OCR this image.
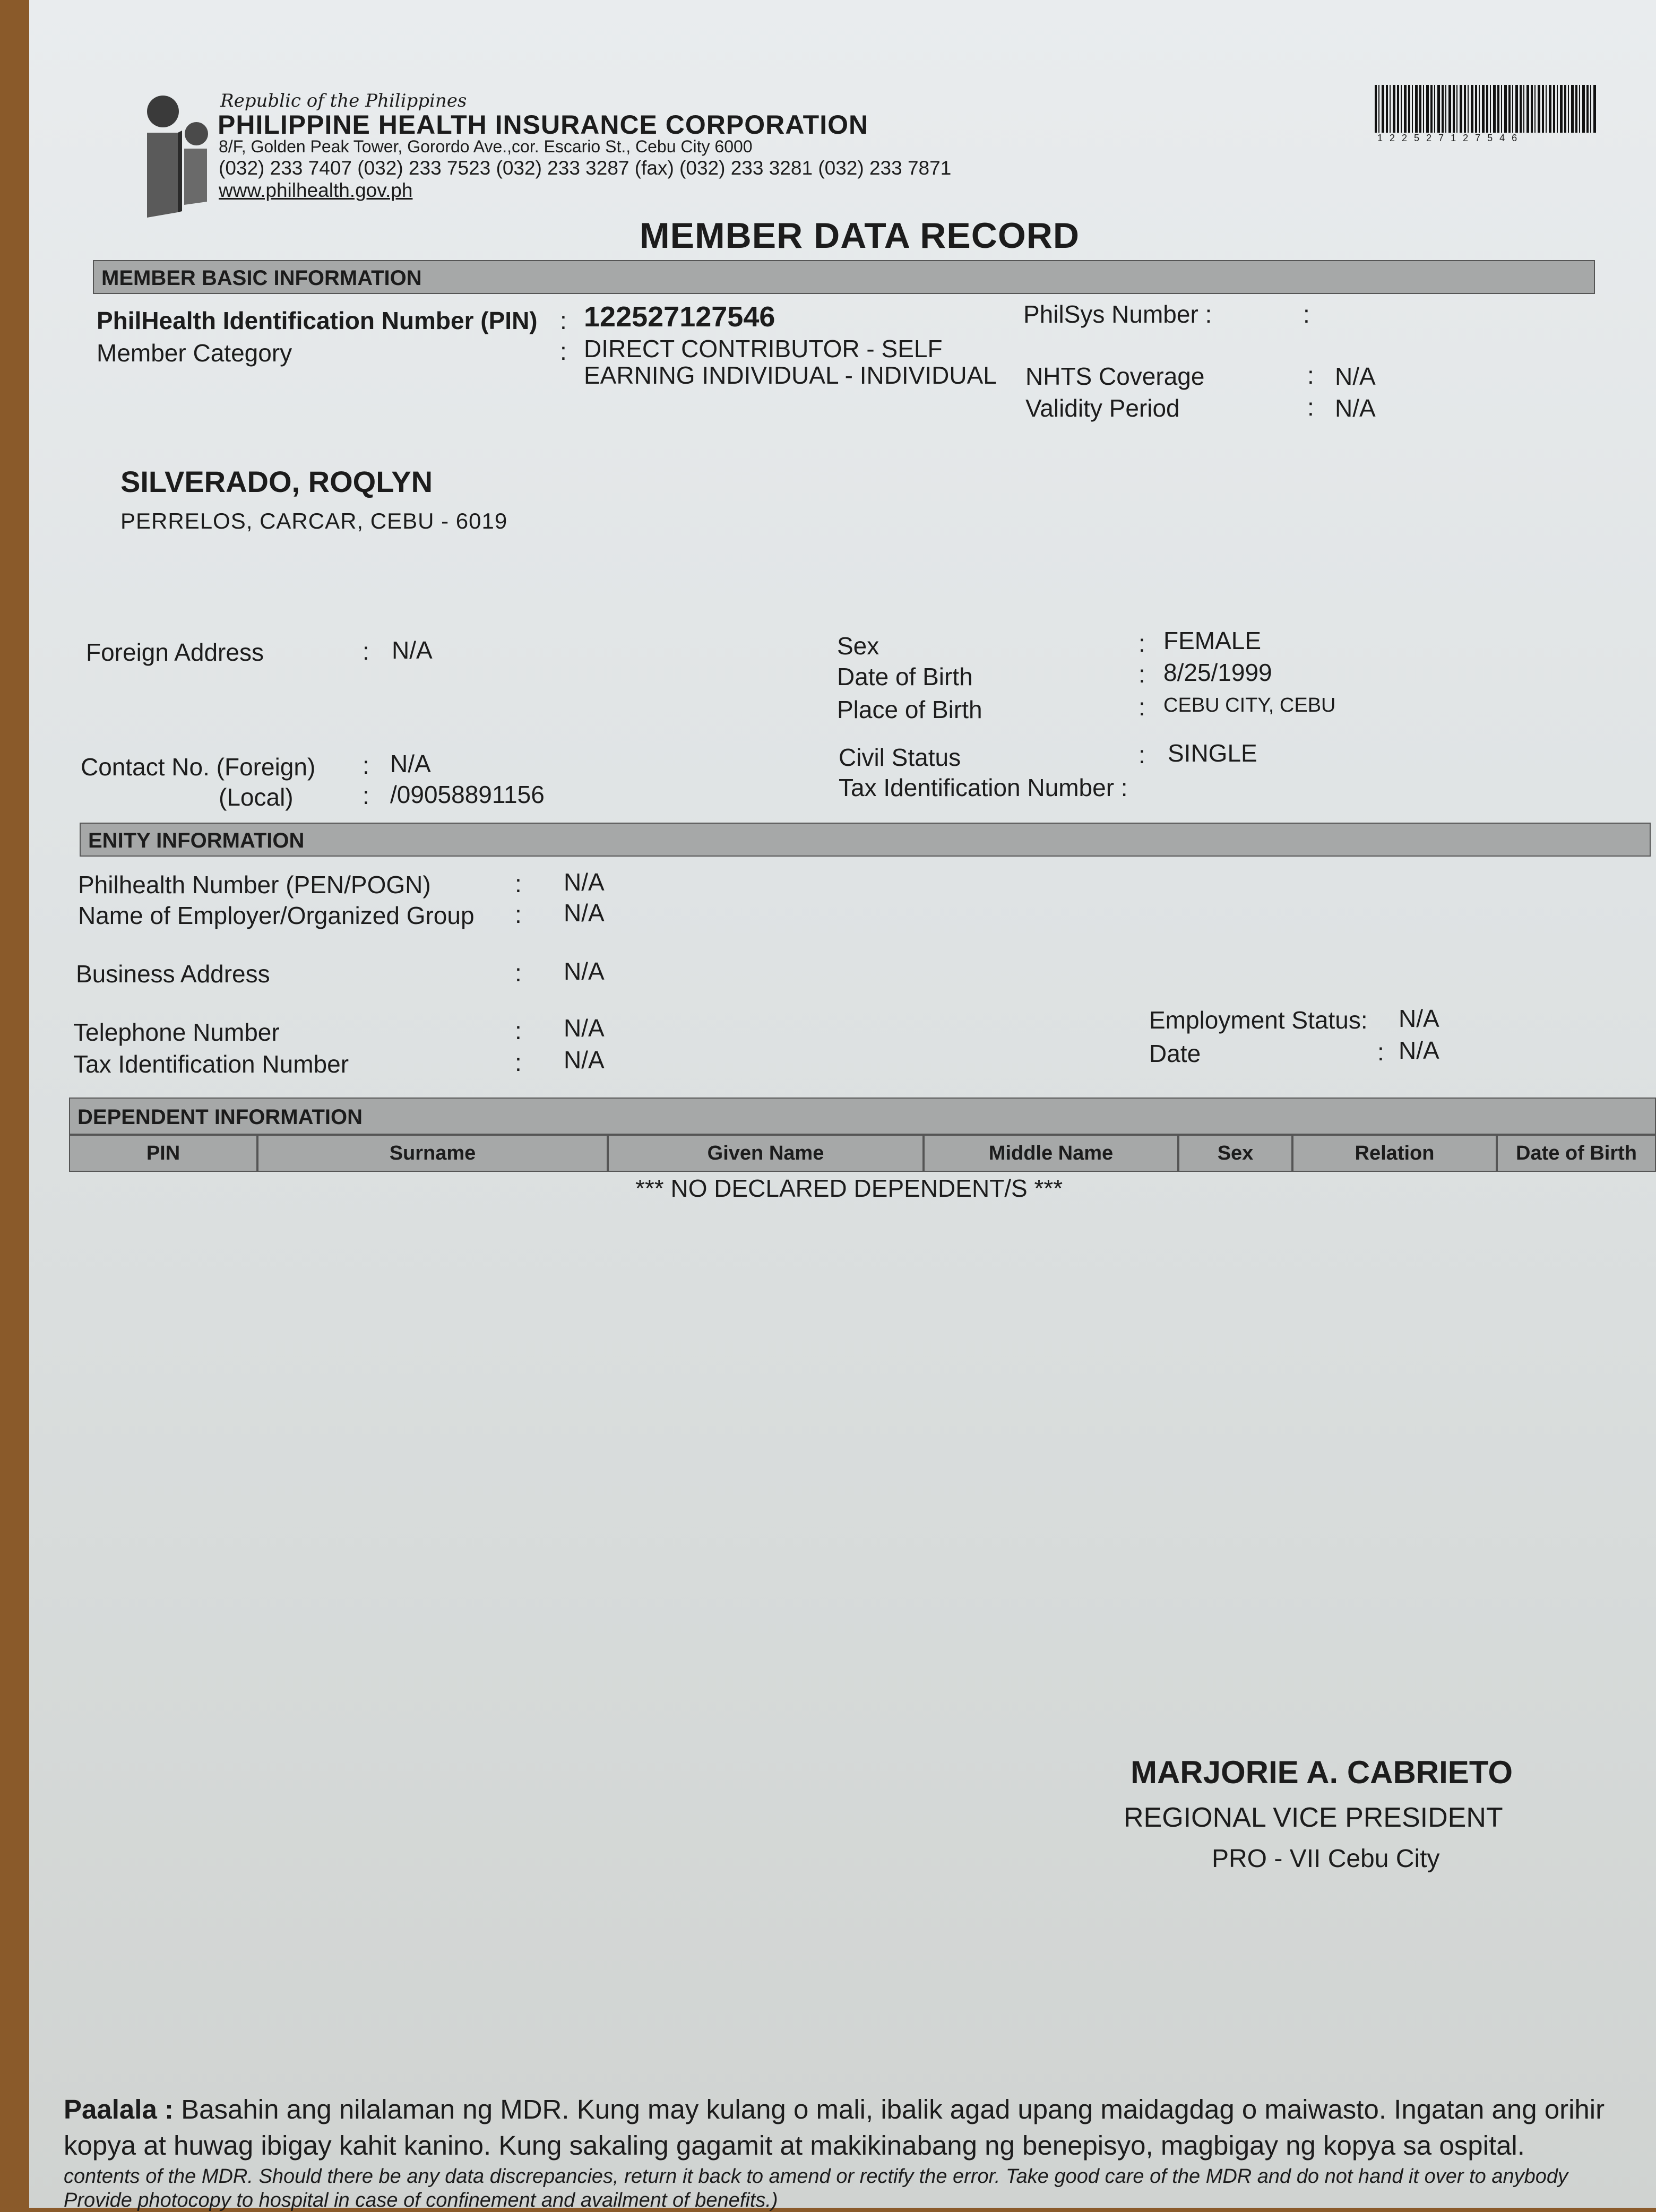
Republic of the Philippines
PHILIPPINE HEALTH INSURANCE CORPORATION
8/F, Golden Peak Tower, Gorordo Ave.,cor. Escario St., Cebu City 6000
(032) 233 7407 (032) 233 7523 (032) 233 3287 (fax) (032) 233 3281 (032) 233 7871
www.philhealth.gov.ph
122527127546
MEMBER DATA RECORD
MEMBER BASIC INFORMATION
PhilHealth Identification Number (PIN) : 122527127546
Member Category	: DIRECT CONTRIBUTOR - SELF
EARNING INDIVIDUAL - INDIVIDUAL
PhilSys Number :	:
NHTS Coverage	: N/A
Validity Period	: N/A
SILVERADO, ROQLYN
PERRELOS, CARCAR, CEBU - 6019
Foreign Address	: N/A
Contact No. (Foreign) : N/A
(Local)	: /09058891156
Sex	: FEMALE
Date of Birth	: 8/25/1999
Place of Birth	: CEBU CITY, CEBU
Civil Status	: SINGLE
Tax Identification Number :
ENITY INFORMATION
Philhealth Number (PEN/POGN)	: N/A
Name of Employer/Organized Group : N/A
Business Address	: N/A
Telephone Number	: N/A
Tax Identification Number	: N/A
Employment Status: N/A
Date	: N/A
DEPENDENT INFORMATION
PIN	Surname	Given Name	Middle Name	Sex	Relation	Date of Birth
*** NO DECLARED DEPENDENT/S ***
MARJORIE A. CABRIETO
REGIONAL VICE PRESIDENT
PRO - VII Cebu City
Paalala : Basahin ang nilalaman ng MDR. Kung may kulang o mali, ibalik agad upang maidagdag o maiwasto. Ingatan ang orihir
kopya at huwag ibigay kahit kanino. Kung sakaling gagamit at makikinabang ng benepisyo, magbigay ng kopya sa ospital.
contents of the MDR. Should there be any data discrepancies, return it back to amend or rectify the error. Take good care of the MDR and do not hand it over to anybody
Provide photocopy to hospital in case of confinement and availment of benefits.)
